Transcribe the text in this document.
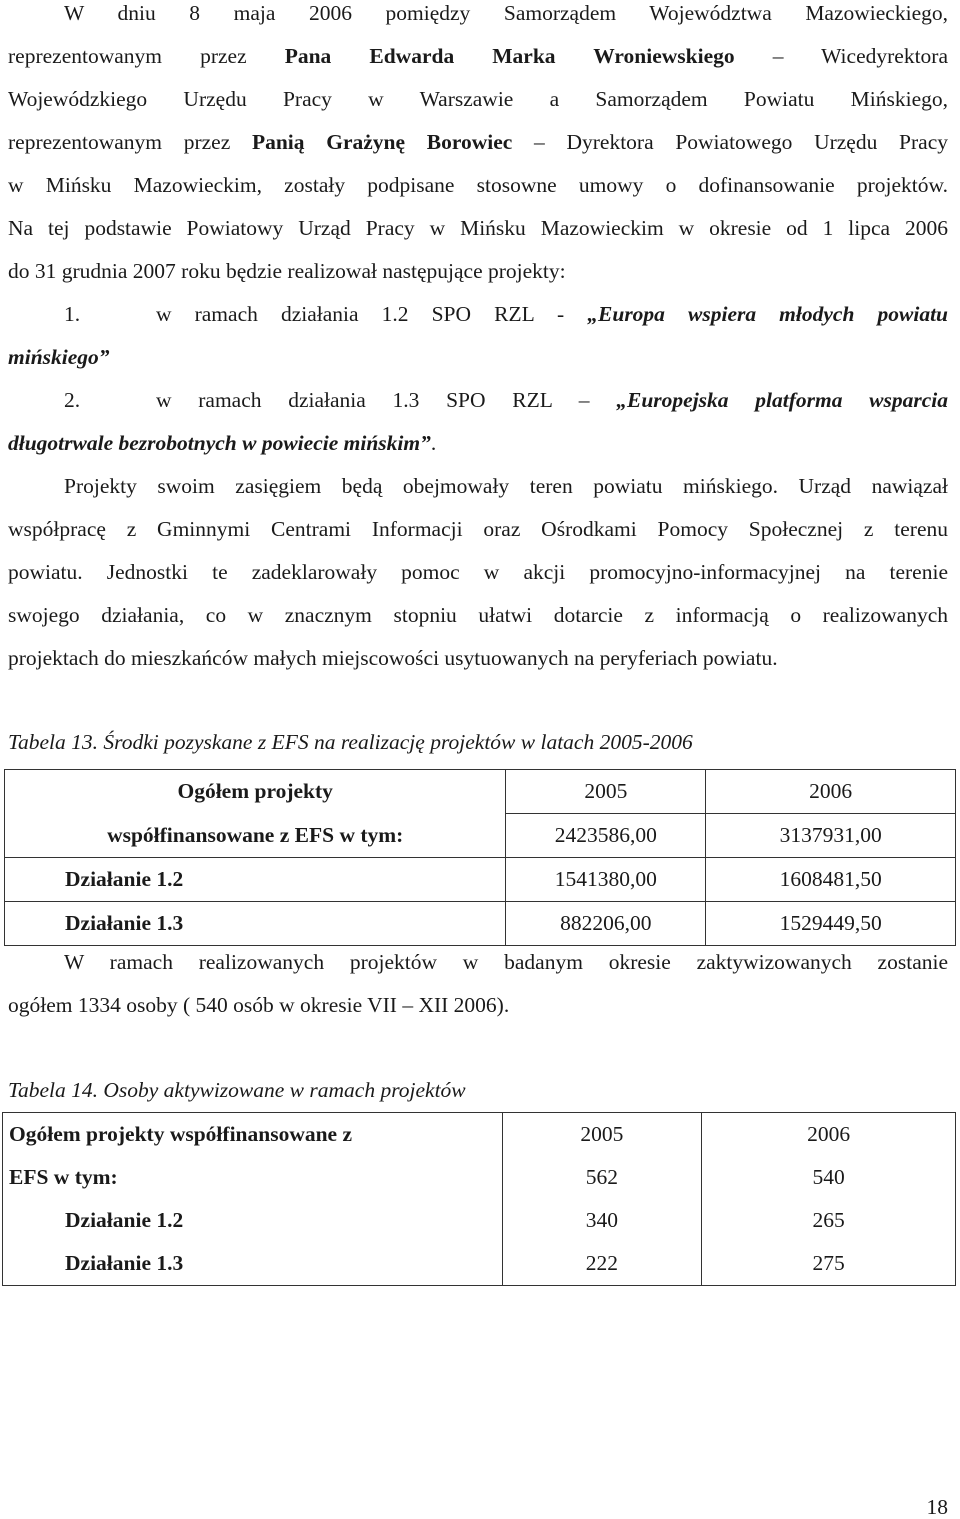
W dniu 8 maja 2006 pomiędzy Samorządem Województwa Mazowieckiego,
reprezentowanym przez Pana Edwarda Marka Wroniewskiego – Wicedyrektora
Wojewódzkiego Urzędu Pracy w Warszawie a Samorządem Powiatu Mińskiego,
reprezentowanym przez Panią Grażynę Borowiec – Dyrektora Powiatowego Urzędu Pracy
w Mińsku Mazowieckim, zostały podpisane stosowne umowy o dofinansowanie projektów.
Na tej podstawie Powiatowy Urząd Pracy w Mińsku Mazowieckim w okresie od 1 lipca 2006
do 31 grudnia 2007 roku będzie realizował następujące projekty:
1.	w ramach działania 1.2 SPO RZL - „Europa wspiera młodych powiatu
mińskiego”
2.	w ramach działania 1.3 SPO RZL – „Europejska platforma wsparcia
długotrwale bezrobotnych w powiecie mińskim”.
Projekty swoim zasięgiem będą obejmowały teren powiatu mińskiego. Urząd nawiązał
współpracę z Gminnymi Centrami Informacji oraz Ośrodkami Pomocy Społecznej z terenu
powiatu. Jednostki te zadeklarowały pomoc w akcji promocyjno-informacyjnej na terenie
swojego działania, co w znacznym stopniu ułatwi dotarcie z informacją o realizowanych
projektach do mieszkańców małych miejscowości usytuowanych na peryferiach powiatu.
Tabela 13. Środki pozyskane z EFS na realizację projektów w latach 2005-2006
Ogółem projekty	2005	2006
współfinansowane z EFS w tym:	2423586,00	3137931,00
Działanie 1.2	1541380,00	1608481,50
Działanie 1.3	882206,00	1529449,50
W ramach realizowanych projektów w badanym okresie zaktywizowanych zostanie
ogółem 1334 osoby ( 540 osób w okresie VII – XII 2006).
Tabela 14. Osoby aktywizowane w ramach projektów
Ogółem projekty współfinansowane z	2005	2006
EFS w tym:	562	540
Działanie 1.2	340	265
Działanie 1.3	222	275
18
